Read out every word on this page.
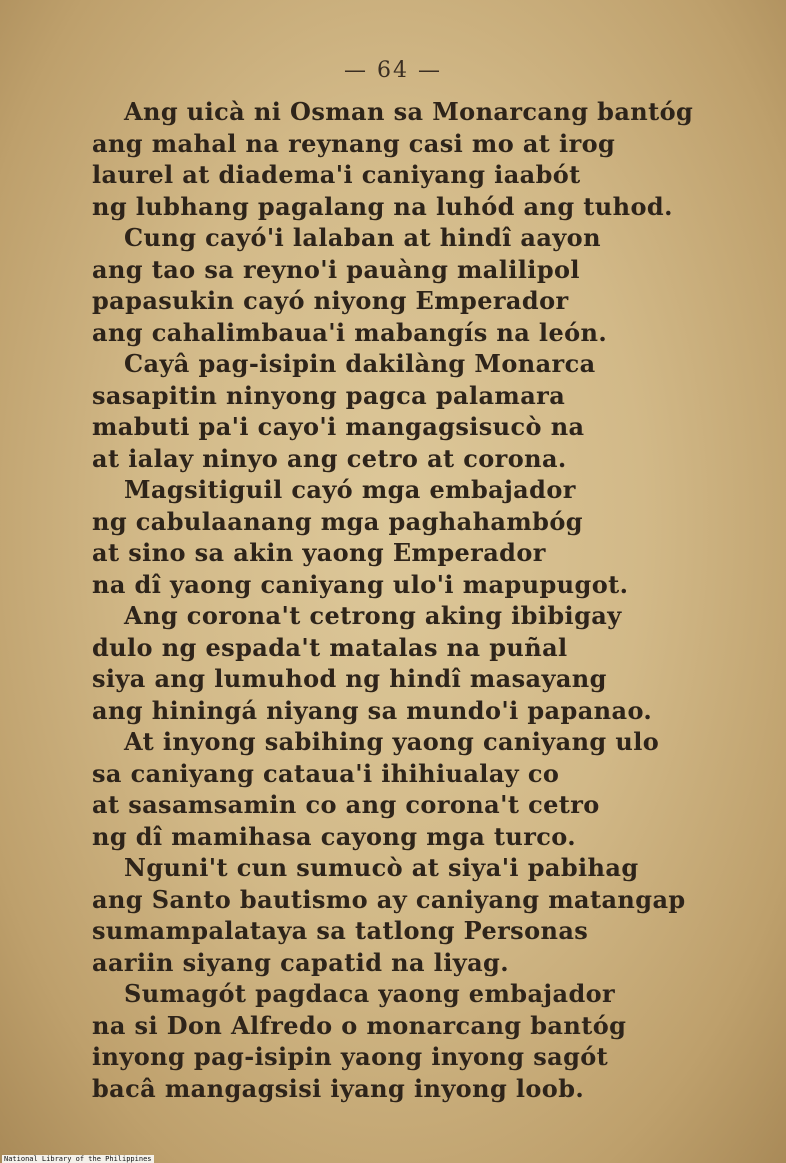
— 64 —
Ang uicà ni Osman sa Monarcang bantóg
ang mahal na reynang casi mo at irog
laurel at diadema'i caniyang iaabót
ng lubhang pagalang na luhód ang tuhod.
Cung cayó'i lalaban at hindî aayon
ang tao sa reyno'i pauàng malilipol
papasukin cayó niyong Emperador
ang cahalimbaua'i mabangís na león.
Cayâ pag-isipin dakilàng Monarca
sasapitin ninyong pagca palamara
mabuti pa'i cayo'i mangagsisucò na
at ialay ninyo ang cetro at corona.
Magsitiguil cayó mga embajador
ng cabulaanang mga paghahambóg
at sino sa akin yaong Emperador
na dî yaong caniyang ulo'i mapupugot.
Ang corona't cetrong aking ibibigay
dulo ng espada't matalas na puñal
siya ang lumuhod ng hindî masayang
ang hiningá niyang sa mundo'i papanao.
At inyong sabihing yaong caniyang ulo
sa caniyang cataua'i ihihiualay co
at sasamsamin co ang corona't cetro
ng dî mamihasa cayong mga turco.
Nguni't cun sumucò at siya'i pabihag
ang Santo bautismo ay caniyang matangap
sumampalataya sa tatlong Personas
aariin siyang capatid na liyag.
Sumagót pagdaca yaong embajador
na si Don Alfredo o monarcang bantóg
inyong pag-isipin yaong inyong sagót
bacâ mangagsisi iyang inyong loob.
National Library of the Philippines
